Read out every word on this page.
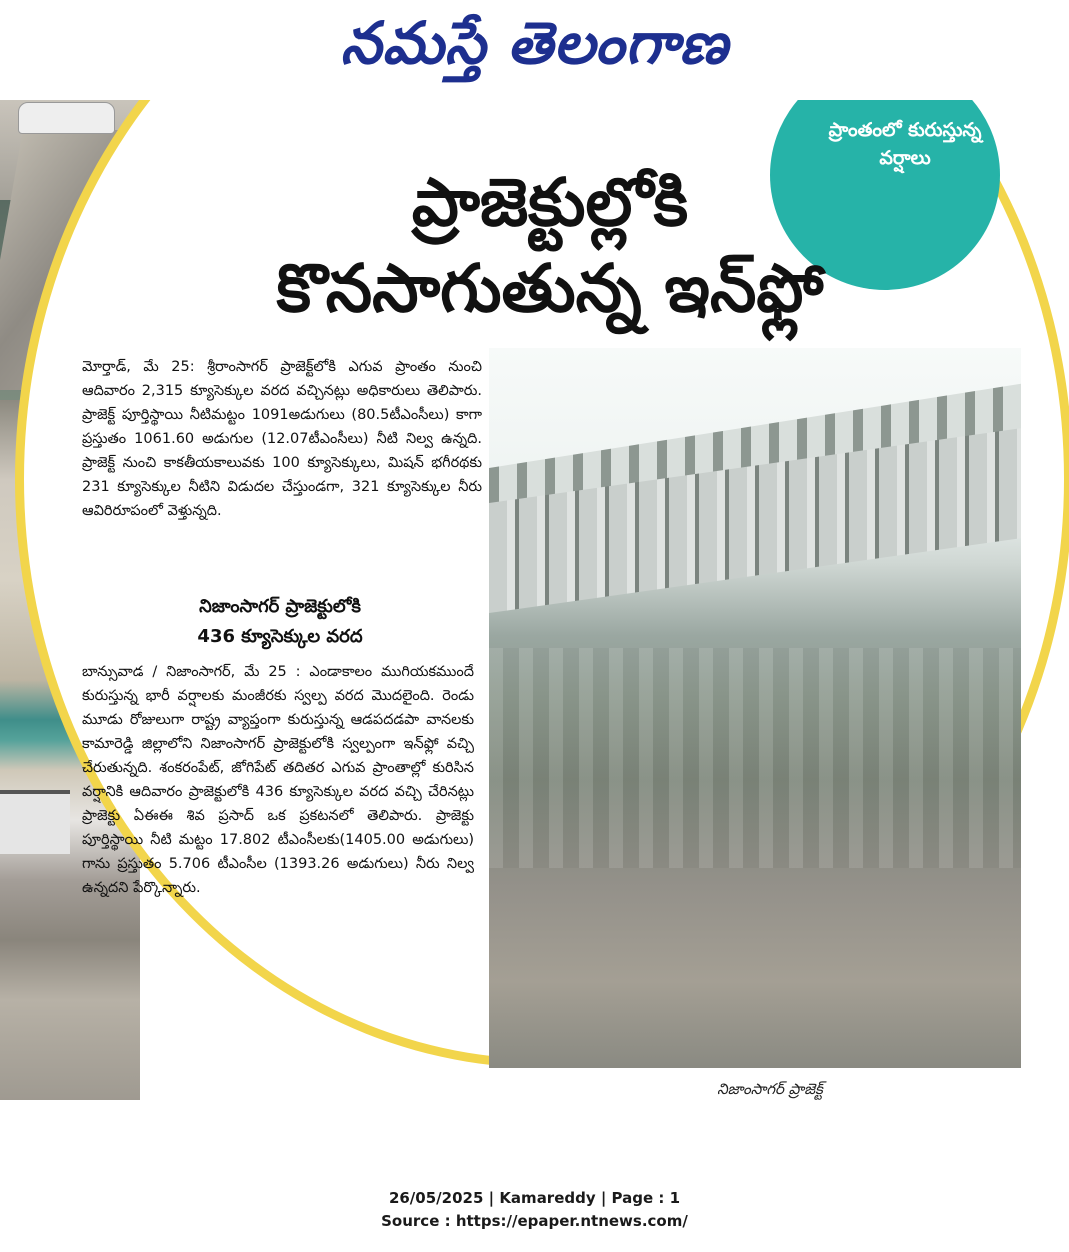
నమస్తే తెలంగాణ
ప్రాంతంలో కురుస్తున్న వర్షాలు
ప్రాజెక్టుల్లోకి
కొనసాగుతున్న ఇన్‌ఫ్లో
మోర్తాడ్, మే 25: శ్రీరాంసాగర్ ప్రాజెక్ట్‌లోకి ఎగువ ప్రాంతం నుంచి ఆదివారం 2,315 క్యూసెక్కుల వరద వచ్చినట్లు అధికారులు తెలిపారు. ప్రాజెక్ట్ పూర్తిస్థాయి నీటిమట్టం 1091అడుగులు (80.5టీఎంసీలు) కాగా ప్రస్తుతం 1061.60 అడుగుల (12.07టీఎంసీలు) నీటి నిల్వ ఉన్నది. ప్రాజెక్ట్ నుంచి కాకతీయకాలువకు 100 క్యూసెక్కులు, మిషన్ భగీరథకు 231 క్యూసెక్కుల నీటిని విడుదల చేస్తుండగా, 321 క్యూసెక్కుల నీరు ఆవిరిరూపంలో వెళ్తున్నది.
నిజాంసాగర్ ప్రాజెక్టులోకి
436 క్యూసెక్కుల వరద
బాన్సువాడ / నిజాంసాగర్, మే 25 : ఎండాకాలం ముగియకముందే కురుస్తున్న భారీ వర్షాలకు మంజీరకు స్వల్ప వరద మొదలైంది. రెండు మూడు రోజులుగా రాష్ట్ర వ్యాప్తంగా కురుస్తున్న ఆడపదడపా వానలకు కామారెడ్డి జిల్లాలోని నిజాంసాగర్ ప్రాజెక్టులోకి స్వల్పంగా ఇన్‌ఫ్లో వచ్చి చేరుతున్నది. శంకరంపేట్, జోగిపేట్ తదితర ఎగువ ప్రాంతాల్లో కురిసిన వర్షానికి ఆదివారం ప్రాజెక్టులోకి 436 క్యూసెక్కుల వరద వచ్చి చేరినట్లు ప్రాజెక్టు ఏఈఈ శివ ప్రసాద్ ఒక ప్రకటనలో తెలిపారు. ప్రాజెక్టు పూర్తిస్థాయి నీటి మట్టం 17.802 టీఎంసీలకు(1405.00 అడుగులు) గాను ప్రస్తుతం 5.706 టీఎంసీల (1393.26 అడుగులు) నీరు నిల్వ ఉన్నదని పేర్కొన్నారు.
నిజాంసాగర్ ప్రాజెక్ట్
26/05/2025 | Kamareddy | Page : 1
Source : https://epaper.ntnews.com/
